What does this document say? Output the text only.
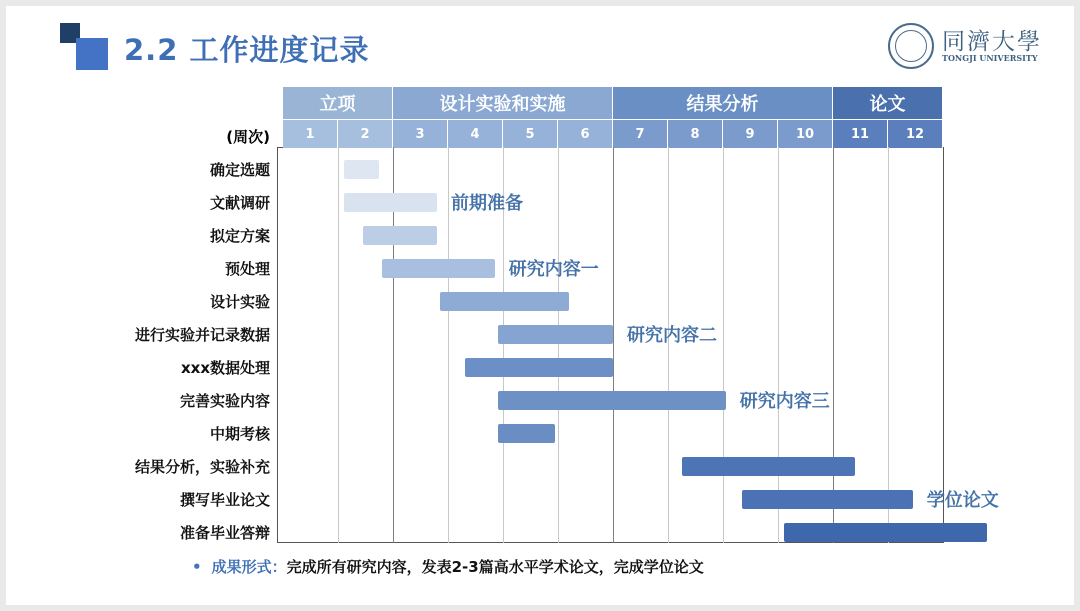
2.2 工作进度记录	同濟大學
TONGJI UNIVERSITY
(周次)
立项	设计实验和实施	结果分析	论文
1	2	3	4	5	6	7	8	9	10	11	12
确定选题
文献调研
拟定方案
预处理
设计实验
进行实验并记录数据
xxx数据处理
完善实验内容
中期考核
结果分析，实验补充
撰写毕业论文
准备毕业答辩
前期准备
研究内容一
研究内容二
研究内容三
学位论文
• 成果形式：完成所有研究内容，发表2-3篇高水平学术论文，完成学位论文
